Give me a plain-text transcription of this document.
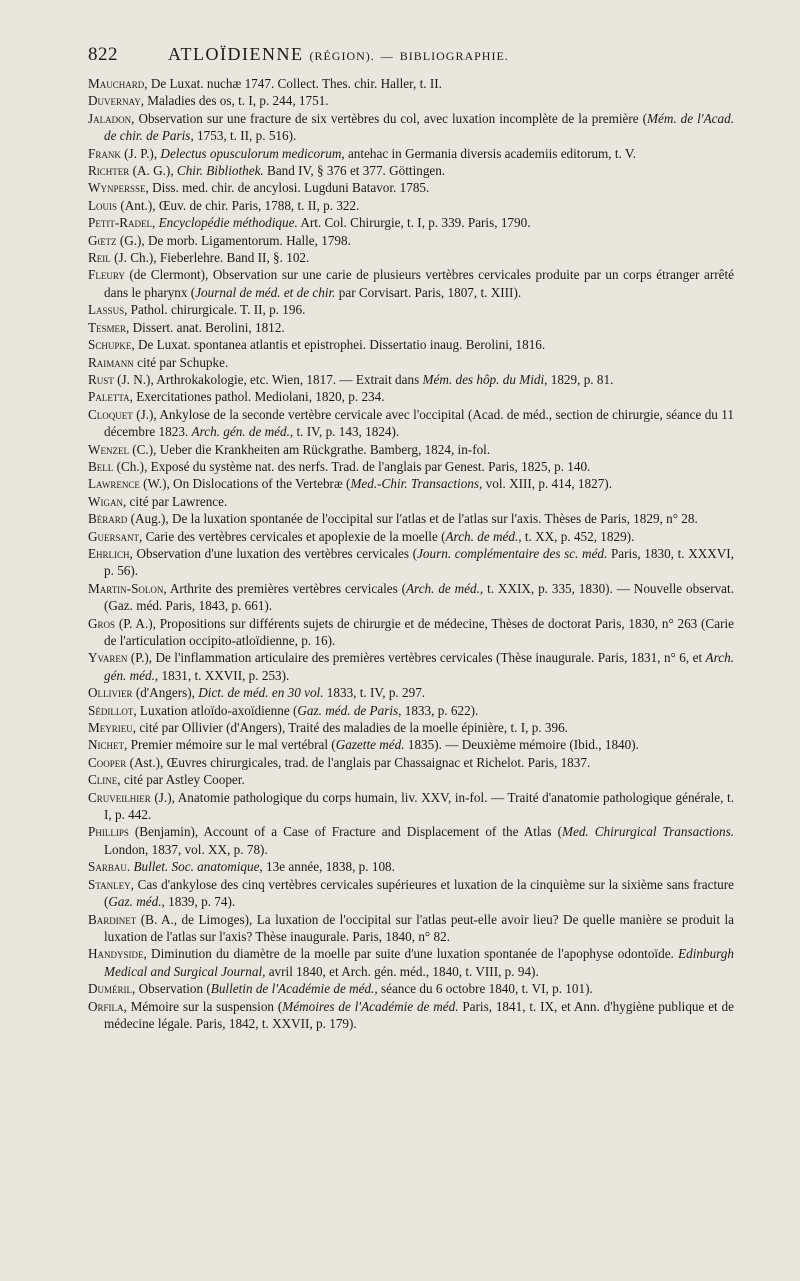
822	ATLOÏDIENNE (RÉGION). — BIBLIOGRAPHIE.
Mauchard, De Luxat. nuchæ 1747. Collect. Thes. chir. Haller, t. II.
Duvernay, Maladies des os, t. I, p. 244, 1751.
Jaladon, Observation sur une fracture de six vertèbres du col, avec luxation incomplète de la première (Mém. de l'Acad. de chir. de Paris, 1753, t. II, p. 516).
Frank (J. P.), Delectus opusculorum medicorum, antehac in Germania diversis academiis editorum, t. V.
Richter (A. G.), Chir. Bibliothek. Band IV, § 376 et 377. Göttingen.
Wynpersse, Diss. med. chir. de ancylosi. Lugduni Batavor. 1785.
Louis (Ant.), Œuv. de chir. Paris, 1788, t. II, p. 322.
Petit-Radel, Encyclopédie méthodique. Art. Col. Chirurgie, t. I, p. 339. Paris, 1790.
Gœtz (G.), De morb. Ligamentorum. Halle, 1798.
Reil (J. Ch.), Fieberlehre. Band II, §. 102.
Fleury (de Clermont), Observation sur une carie de plusieurs vertèbres cervicales produite par un corps étranger arrêté dans le pharynx (Journal de méd. et de chir. par Corvisart. Paris, 1807, t. XIII).
Lassus, Pathol. chirurgicale. T. II, p. 196.
Tesmer, Dissert. anat. Berolini, 1812.
Schupke, De Luxat. spontanea atlantis et epistrophei. Dissertatio inaug. Berolini, 1816.
Raimann cité par Schupke.
Rust (J. N.), Arthrokakologie, etc. Wien, 1817. — Extrait dans Mém. des hôp. du Midi, 1829, p. 81.
Paletta, Exercitationes pathol. Mediolani, 1820, p. 234.
Cloquet (J.), Ankylose de la seconde vertèbre cervicale avec l'occipital (Acad. de méd., section de chirurgie, séance du 11 décembre 1823. Arch. gén. de méd., t. IV, p. 143, 1824).
Wenzel (C.), Ueber die Krankheiten am Rückgrathe. Bamberg, 1824, in-fol.
Bell (Ch.), Exposé du système nat. des nerfs. Trad. de l'anglais par Genest. Paris, 1825, p. 140.
Lawrence (W.), On Dislocations of the Vertebræ (Med.-Chir. Transactions, vol. XIII, p. 414, 1827).
Wigan, cité par Lawrence.
Bérard (Aug.), De la luxation spontanée de l'occipital sur l'atlas et de l'atlas sur l'axis. Thèses de Paris, 1829, n° 28.
Guersant, Carie des vertèbres cervicales et apoplexie de la moelle (Arch. de méd., t. XX, p. 452, 1829).
Ehrlich, Observation d'une luxation des vertèbres cervicales (Journ. complémentaire des sc. méd. Paris, 1830, t. XXXVI, p. 56).
Martin-Solon, Arthrite des premières vertèbres cervicales (Arch. de méd., t. XXIX, p. 335, 1830). — Nouvelle observat. (Gaz. méd. Paris, 1843, p. 661).
Gros (P. A.), Propositions sur différents sujets de chirurgie et de médecine, Thèses de doctorat Paris, 1830, n° 263 (Carie de l'articulation occipito-atloïdienne, p. 16).
Yvaren (P.), De l'inflammation articulaire des premières vertèbres cervicales (Thèse inaugurale. Paris, 1831, n° 6, et Arch. gén. méd., 1831, t. XXVII, p. 253).
Ollivier (d'Angers), Dict. de méd. en 30 vol. 1833, t. IV, p. 297.
Sédillot, Luxation atloïdo-axoïdienne (Gaz. méd. de Paris, 1833, p. 622).
Meyrieu, cité par Ollivier (d'Angers), Traité des maladies de la moelle épinière, t. I, p. 396.
Nichet, Premier mémoire sur le mal vertébral (Gazette méd. 1835). — Deuxième mémoire (Ibid., 1840).
Cooper (Ast.), Œuvres chirurgicales, trad. de l'anglais par Chassaignac et Richelot. Paris, 1837.
Cline, cité par Astley Cooper.
Cruveilhier (J.), Anatomie pathologique du corps humain, liv. XXV, in-fol. — Traité d'anatomie pathologique générale, t. I, p. 442.
Phillips (Benjamin), Account of a Case of Fracture and Displacement of the Atlas (Med. Chirurgical Transactions. London, 1837, vol. XX, p. 78).
Sarbau. Bullet. Soc. anatomique, 13e année, 1838, p. 108.
Stanley, Cas d'ankylose des cinq vertèbres cervicales supérieures et luxation de la cinquième sur la sixième sans fracture (Gaz. méd., 1839, p. 74).
Bardinet (B. A., de Limoges), La luxation de l'occipital sur l'atlas peut-elle avoir lieu? De quelle manière se produit la luxation de l'atlas sur l'axis? Thèse inaugurale. Paris, 1840, n° 82.
Handyside, Diminution du diamètre de la moelle par suite d'une luxation spontanée de l'apophyse odontoïde. Edinburgh Medical and Surgical Journal, avril 1840, et Arch. gén. méd., 1840, t. VIII, p. 94).
Duméril, Observation (Bulletin de l'Académie de méd., séance du 6 octobre 1840, t. VI, p. 101).
Orfila, Mémoire sur la suspension (Mémoires de l'Académie de méd. Paris, 1841, t. IX, et Ann. d'hygiène publique et de médecine légale. Paris, 1842, t. XXVII, p. 179).
